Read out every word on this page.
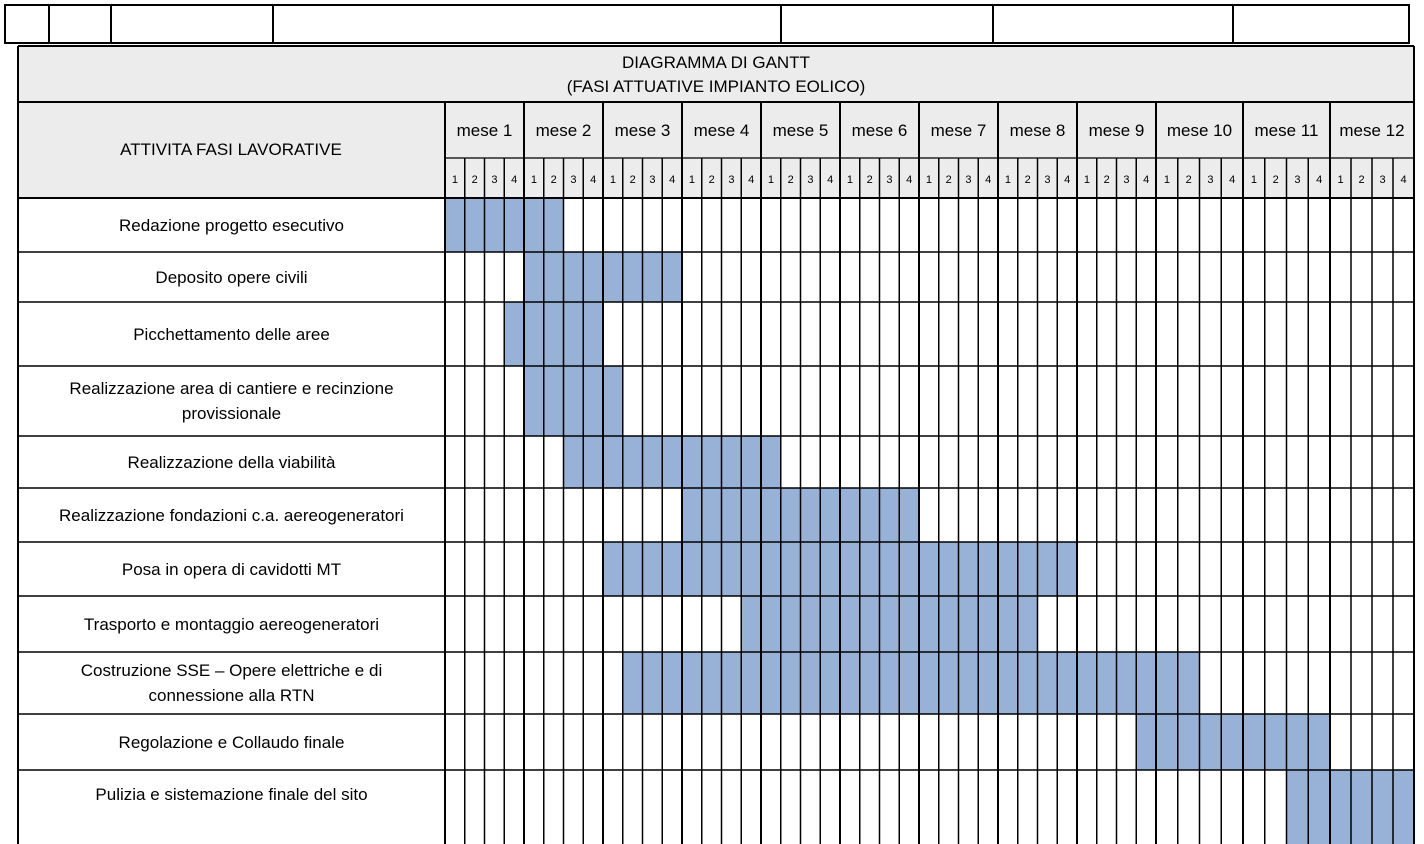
DIAGRAMMA DI GANTT
(FASI ATTUATIVE IMPIANTO EOLICO)
ATTIVITA FASI LAVORATIVE
mese 1 mese 2 mese 3 mese 4 mese 5 mese 6 mese 7 mese 8 mese 9 mese 10 mese 11 mese 12
1 2 3 4 1 2 3 4 1 2 3 4 1 2 3 4 1 2 3 4 1 2 3 4 1 2 3 4 1 2 3 4 1 2 3 4 1 2 3 4 1 2 3 4 1 2 3 4
Redazione progetto esecutivo
Deposito opere civili
Picchettamento delle aree
Realizzazione area di cantiere e recinzione provissionale
Realizzazione della viabilità
Realizzazione fondazioni c.a. aereogeneratori
Posa in opera di cavidotti MT
Trasporto e montaggio aereogeneratori
Costruzione SSE – Opere elettriche e di connessione alla RTN
Regolazione e Collaudo finale
Pulizia e sistemazione finale del sito
